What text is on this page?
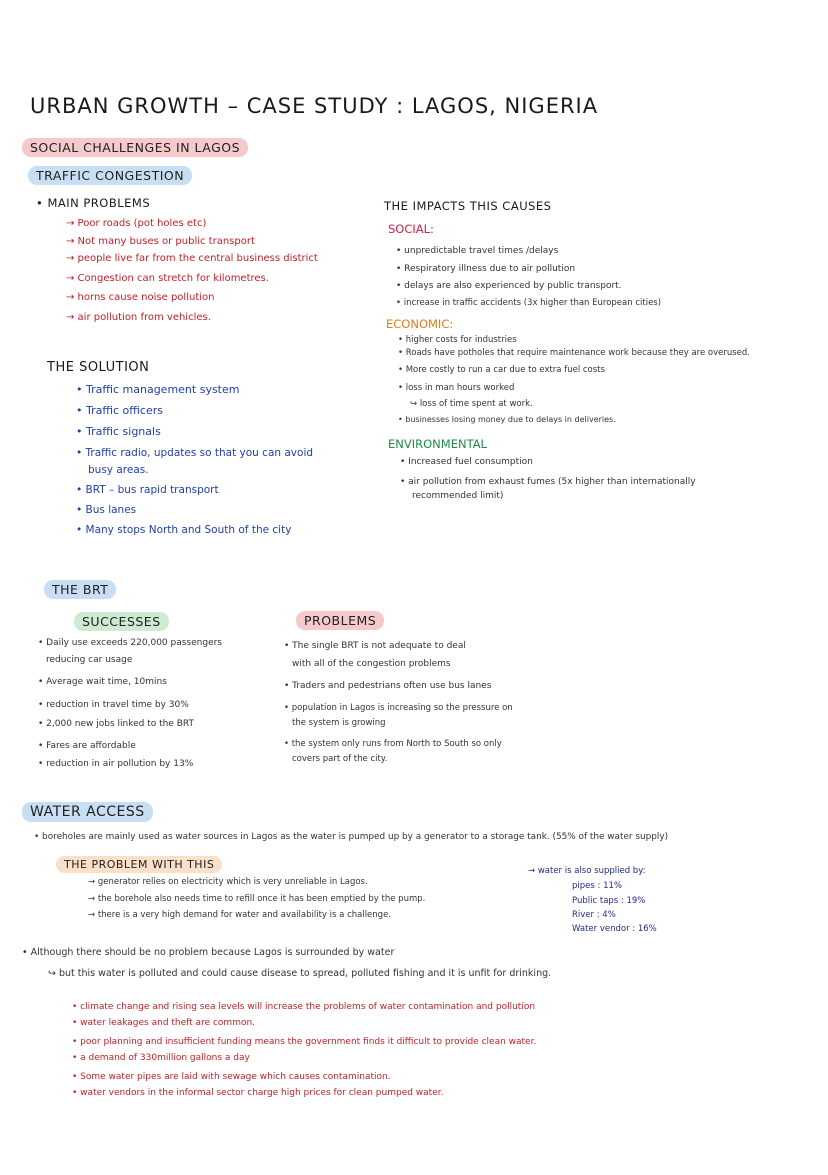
URBAN GROWTH – CASE STUDY : LAGOS, NIGERIA
SOCIAL CHALLENGES IN LAGOS
TRAFFIC CONGESTION
• MAIN PROBLEMS
→ Poor roads (pot holes etc)
→ Not many buses or public transport
→ people live far from the central business district
→ Congestion can stretch for kilometres.
→ horns cause noise pollution
→ air pollution from vehicles.
THE IMPACTS THIS CAUSES
SOCIAL:
• unpredictable travel times /delays
• Respiratory illness due to air pollution
• delays are also experienced by public transport.
• increase in traffic accidents (3x higher than European cities)
ECONOMIC:
• higher costs for industries
• Roads have potholes that require maintenance work because they are overused.
• More costly to run a car due to extra fuel costs
• loss in man hours worked
↪ loss of time spent at work.
• businesses losing money due to delays in deliveries.
ENVIRONMENTAL
• Increased fuel consumption
• air pollution from exhaust fumes (5x higher than internationally
recommended limit)
THE SOLUTION
• Traffic management system
• Traffic officers
• Traffic signals
• Traffic radio, updates so that you can avoid
busy areas.
• BRT – bus rapid transport
• Bus lanes
• Many stops North and South of the city
THE BRT
SUCCESSES
• Daily use exceeds 220,000 passengers
reducing car usage
• Average wait time, 10mins
• reduction in travel time by 30%
• 2,000 new jobs linked to the BRT
• Fares are affordable
• reduction in air pollution by 13%
PROBLEMS
• The single BRT is not adequate to deal
with all of the congestion problems
• Traders and pedestrians often use bus lanes
• population in Lagos is increasing so the pressure on
the system is growing
• the system only runs from North to South so only
covers part of the city.
WATER ACCESS
• boreholes are mainly used as water sources in Lagos as the water is pumped up by a generator to a storage tank. (55% of the water supply)
THE PROBLEM WITH THIS
→ generator relies on electricity which is very unreliable in Lagos.
→ the borehole also needs time to refill once it has been emptied by the pump.
→ there is a very high demand for water and availability is a challenge.
→ water is also supplied by:
pipes : 11%
Public taps : 19%
River : 4%
Water vendor : 16%
• Although there should be no problem because Lagos is surrounded by water
↪ but this water is polluted and could cause disease to spread, polluted fishing and it is unfit for drinking.
• climate change and rising sea levels will increase the problems of water contamination and pollution
• water leakages and theft are common.
• poor planning and insufficient funding means the government finds it difficult to provide clean water.
• a demand of 330million gallons a day
• Some water pipes are laid with sewage which causes contamination.
• water vendors in the informal sector charge high prices for clean pumped water.
